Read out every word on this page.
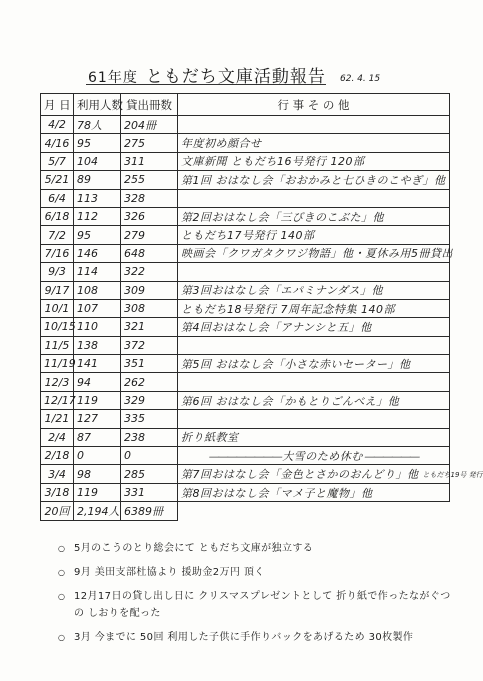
61年度 ともだち文庫活動報告 62. 4. 15
月 日	利用人数	貸出冊数	行 事 そ の 他
4/2	78人	204冊	
4/16	95	275	年度初め顔合せ
5/7	104	311	文庫新聞 ともだち16号発行 120部
5/21	89	255	第1回 おはなし会「おおかみと七ひきのこやぎ」他
6/4	113	328	
6/18	112	326	第2回おはなし会「三びきのこぶた」他
7/2	95	279	ともだち17号発行 140部
7/16	146	648	映画会「クワガタクワジ物語」他・夏休み用5冊貸出
9/3	114	322	
9/17	108	309	第3回おはなし会「エパミナンダス」他
10/1	107	308	ともだち18号発行 7周年記念特集 140部
10/15	110	321	第4回おはなし会「アナンシと五」他
11/5	138	372	
11/19	141	351	第5回 おはなし会「小さな赤いセーター」他
12/3	94	262	
12/17	119	329	第6回 おはなし会「かもとりごんべえ」他
1/21	127	335	
2/4	87	238	折り紙教室
2/18	0	0	———————— 大雪のため休む ——————
3/4	98	285	第7回おはなし会「金色とさかのおんどり」他 ともだち19号 発行
3/18	119	331	第8回おはなし会「マメ子と魔物」他
20回	2,194人	6389冊	
○ 5月のこうのとり総会にて ともだち文庫が独立する
○ 9月 美田支部杜協より 援助金2万円 頂く
○ 12月17日の貸し出し日に クリスマスプレゼントとして 折り紙で作ったながぐつの しおりを配った
○ 3月 今までに 50回 利用した子供に手作りバックをあげるため 30枚製作
